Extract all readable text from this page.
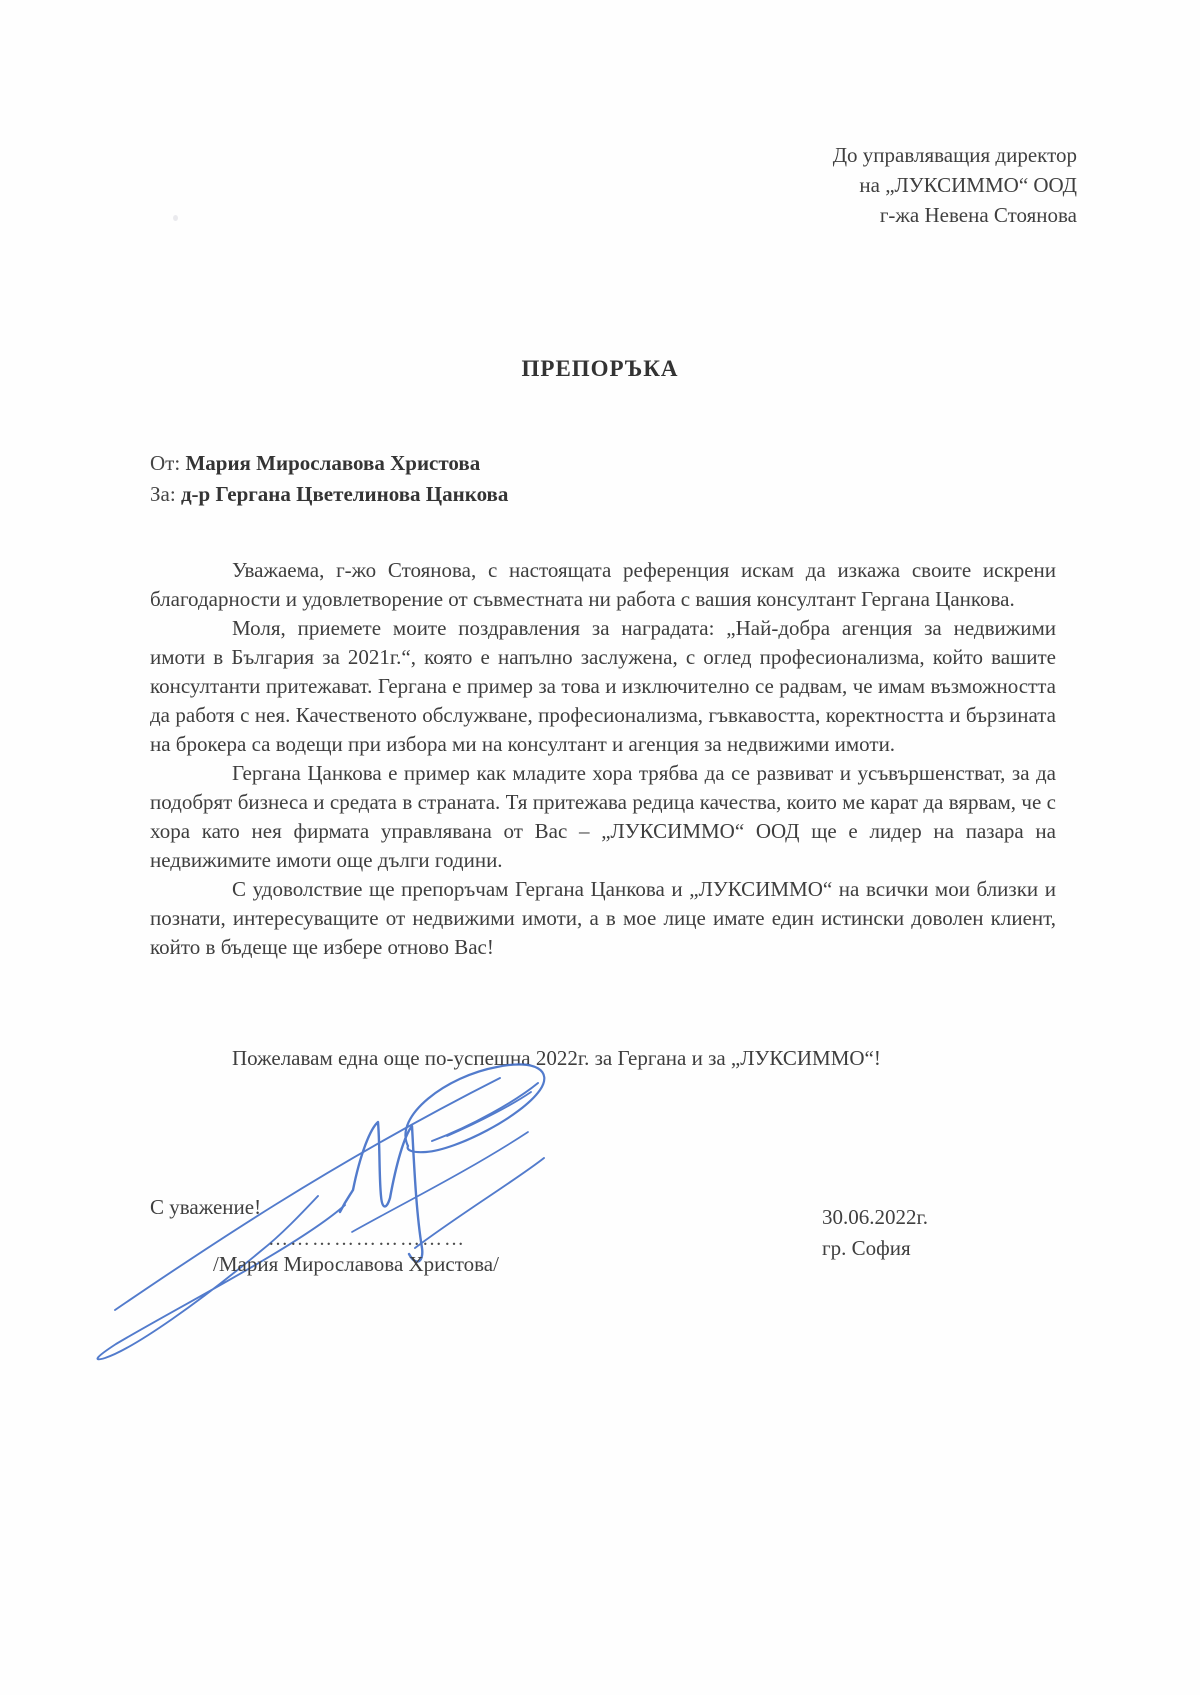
До управляващия директор
на „ЛУКСИММО“ ООД
г-жа Невена Стоянова
ПРЕПОРЪКА
От: Мария Мирославова Христова
За: д-р Гергана Цветелинова Цанкова

Уважаема, г-жо Стоянова, с настоящата референция искам да изкажа своите искрени благодарности и удовлетворение от съвместната ни работа с вашия консултант Гергана Цанкова.

Моля, приемете моите поздравления за наградата: „Най-добра агенция за недвижими имоти в България за 2021г.“, която е напълно заслужена, с оглед професионализма, който вашите консултанти притежават. Гергана е пример за това и изключително се радвам, че имам възможността да работя с нея. Качественото обслужване, професионализма, гъвкавостта, коректността и бързината на брокера са водещи при избора ми на консултант и агенция за недвижими имоти.

Гергана Цанкова е пример как младите хора трябва да се развиват и усъвършенстват, за да подобрят бизнеса и средата в страната. Тя притежава редица качества, които ме карат да вярвам, че с хора като нея фирмата управлявана от Вас – „ЛУКСИММО“ ООД ще е лидер на пазара на недвижимите имоти още дълги години.

С удоволствие ще препоръчам Гергана Цанкова и „ЛУКСИММО“ на всички мои близки и познати, интересуващите от недвижими имоти, а в мое лице имате един истински доволен клиент, който в бъдеще ще избере отново Вас!

Пожелавам една още по-успешна 2022г. за Гергана и за „ЛУКСИММО“!
С уважение!
………………………
/Мария Мирославова Христова/
30.06.2022г.
гр. София
